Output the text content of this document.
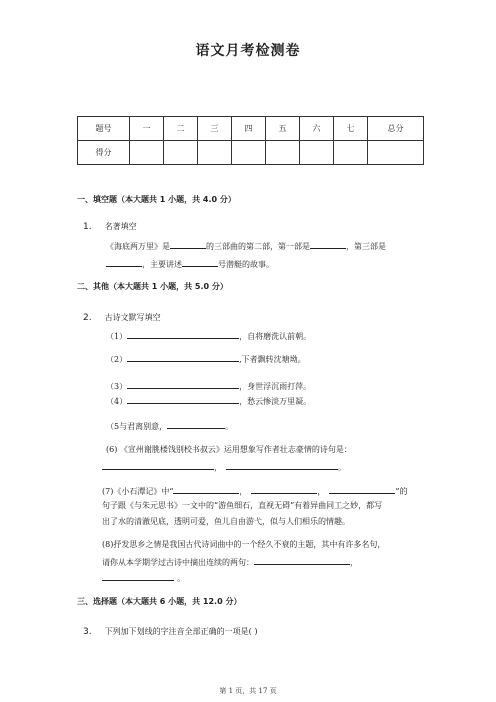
语文月考检测卷
题号	一	二	三	四	五	六	七	总分
得分								
一、填空题（本大题共 1 小题，共 4.0 分）
1. 名著填空
《海底两万里》是	的三部曲的第二部，第一部是	，第三部是
，主要讲述	号潜艇的故事。
二、其他（本大题共 1 小题，共 5.0 分）
2. 古诗文默写填空
（1）	，自将磨洗认前朝。
（2）	,下者飘转沈塘坳。
（3）	，身世浮沉雨打萍。
（4）	，愁云惨淡万里凝。
（5与君离别意，	。
(6) 《宣州谢朓楼饯别校书叔云》运用想象写作者壮志豪情的诗句是：
，	。
(7)《小石潭记》中“	，	，	”的
句子跟《与朱元思书》一文中的“游鱼细石，直视无碍”有着异曲同工之妙，都写
出了水的清澈见底，透明可爱，鱼儿自由游弋，似与人们相乐的情趣。
(8)抒发思乡之情是我国古代诗词曲中的一个经久不衰的主题，其中有许多名句，
请你从本学期学过古诗中摘出连续的两句：	，
。
三、选择题（本大题共 6 小题，共 12.0 分）
3. 下列加下划线的字注音全部正确的一项是( )
第 1 页，共 17 页
